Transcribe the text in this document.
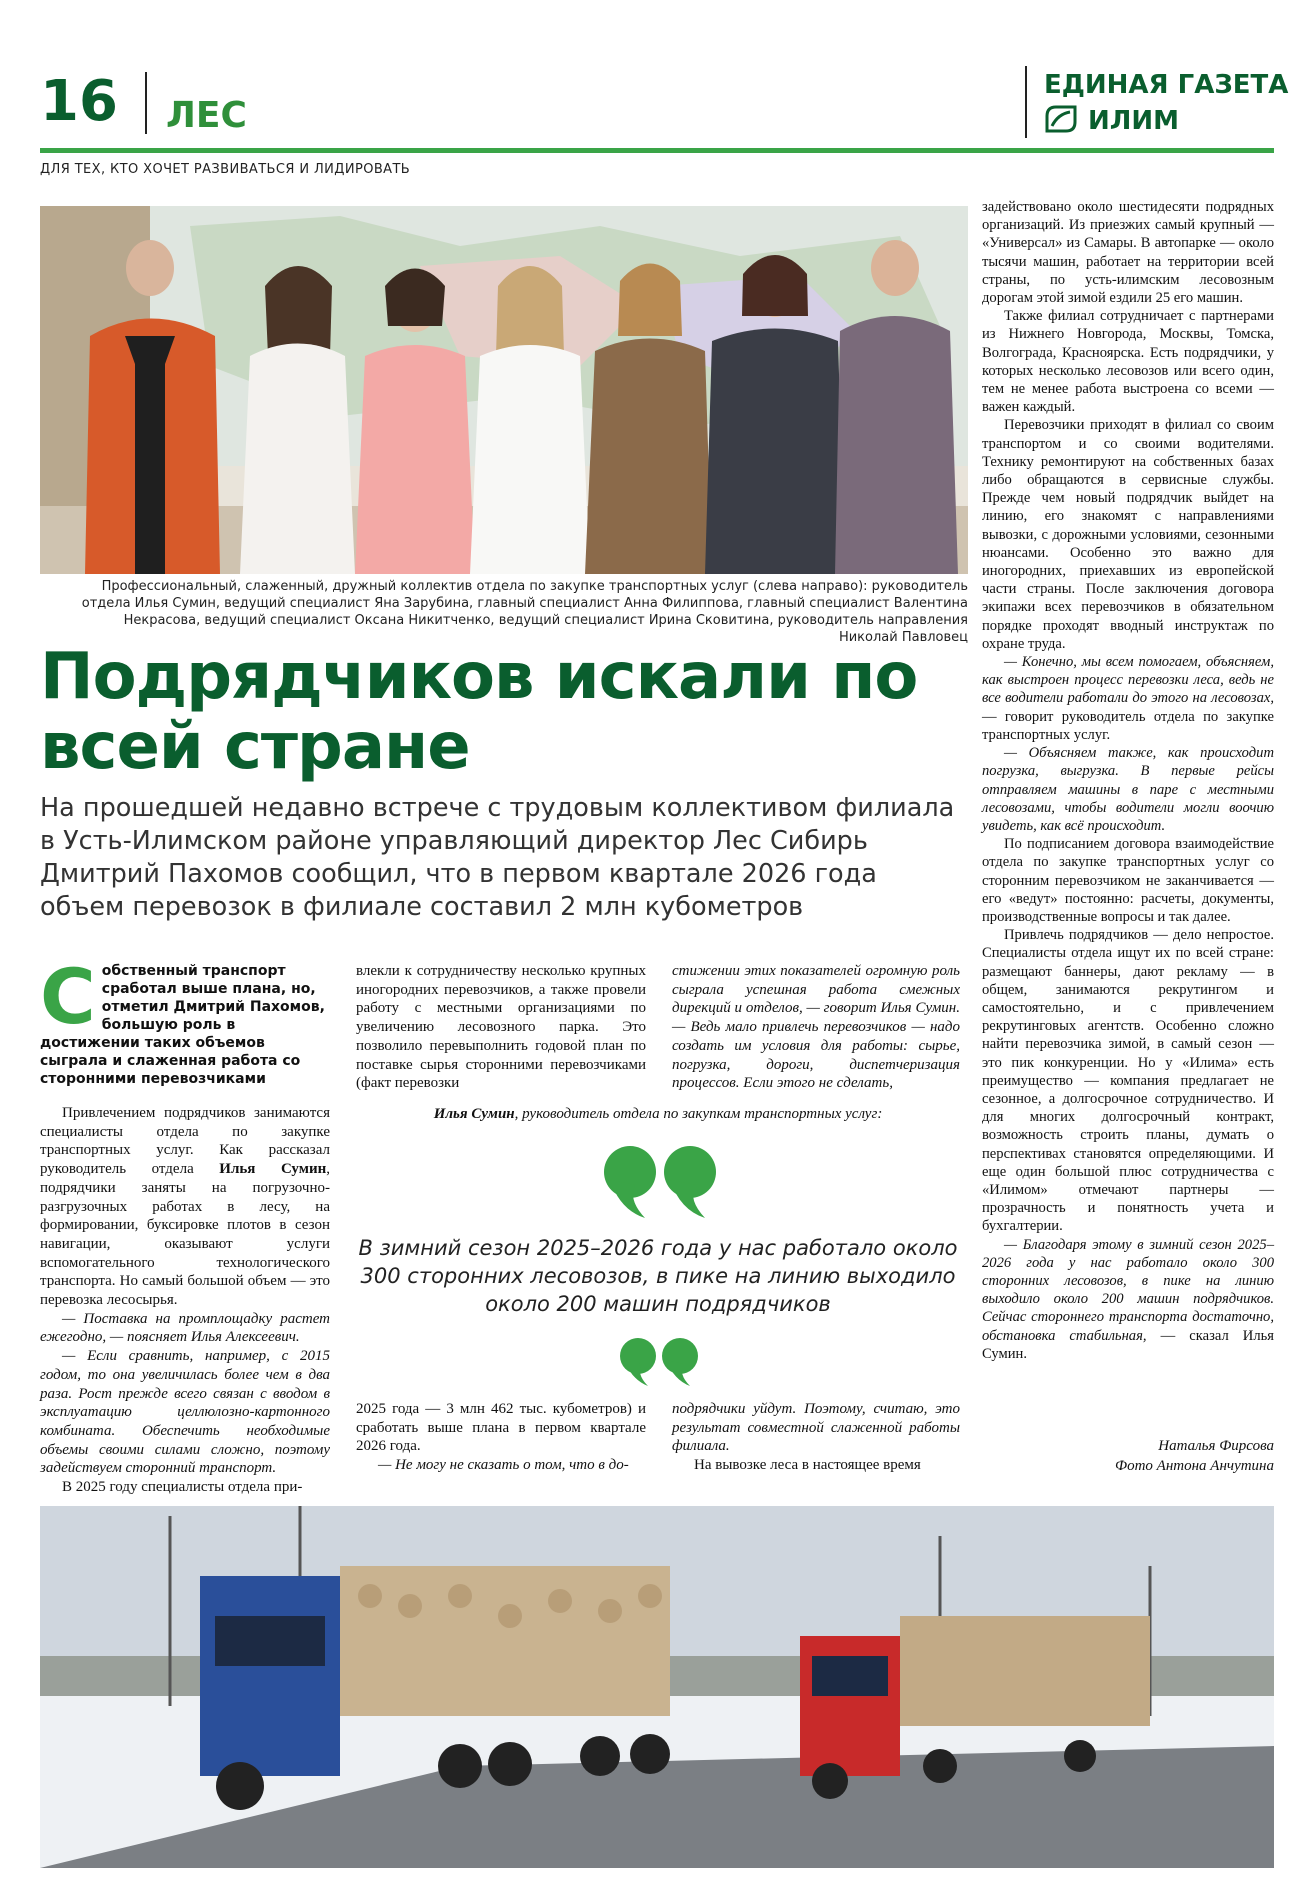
16 ЛЕС
ЕДИНАЯ ГАЗЕТА
ИЛИМ
ДЛЯ ТЕХ, КТО ХОЧЕТ РАЗВИВАТЬСЯ И ЛИДИРОВАТЬ
Профессиональный, слаженный, дружный коллектив отдела по закупке транспортных услуг (слева направо): руководитель отдела Илья Сумин, ведущий специалист Яна Зарубина, главный специалист Анна Филиппова, главный специалист Валентина Некрасова, ведущий специалист Оксана Никитченко, ведущий специалист Ирина Сковитина, руководитель направления Николай Павловец
Подрядчиков искали по всей стране
На прошедшей недавно встрече с трудовым коллективом филиала в Усть-Илимском районе управляющий директор Лес Сибирь Дмитрий Пахомов сообщил, что в первом квартале 2026 года объем перевозок в филиале составил 2 млн кубометров
Собственный транспорт сработал выше плана, но, отметил Дмитрий Пахомов, большую роль в достижении таких объемов сыграла и слаженная работа со сторонними перевозчиками

Привлечением подрядчиков занимаются специалисты отдела по закупке транспортных услуг. Как рассказал руководитель отдела Илья Сумин, подрядчики заняты на погрузочно-разгрузочных работах в лесу, на формировании, буксировке плотов в сезон навигации, оказывают услуги вспомогательного технологического транспорта. Но самый большой объем — это перевозка лесосырья.

— Поставка на промплощадку растет ежегодно, — поясняет Илья Алексеевич.

— Если сравнить, например, с 2015 годом, то она увеличилась более чем в два раза. Рост прежде всего связан с вводом в эксплуатацию целлюлозно-картонного комбината. Обеспечить необходимые объемы своими силами сложно, поэтому задействуем сторонний транспорт.

В 2025 году специалисты отдела при-

влекли к сотрудничеству несколько крупных иногородних перевозчиков, а также провели работу с местными организациями по увеличению лесовозного парка. Это позволило перевыполнить годовой план по поставке сырья сторонними перевозчиками (факт перевозки

стижении этих показателей огромную роль сыграла успешная работа смежных дирекций и отделов, — говорит Илья Сумин. — Ведь мало привлечь перевозчиков — надо создать им условия для работы: сырье, погрузка, дороги, диспетчеризация процессов. Если этого не сделать,

Илья Сумин, руководитель отдела по закупкам транспортных услуг:
В зимний сезон 2025–2026 года у нас работало около 300 сторонних лесовозов, в пике на линию выходило около 200 машин подрядчиков

2025 года — 3 млн 462 тыс. кубометров) и сработать выше плана в первом квартале 2026 года.

— Не могу не сказать о том, что в до-

подрядчики уйдут. Поэтому, считаю, это результат совместной слаженной работы филиала.

На вывозке леса в настоящее время

задействовано около шестидесяти подрядных организаций. Из приезжих самый крупный — «Универсал» из Самары. В автопарке — около тысячи машин, работает на территории всей страны, по усть-илимским лесовозным дорогам этой зимой ездили 25 его машин.

Также филиал сотрудничает с партнерами из Нижнего Новгорода, Москвы, Томска, Волгограда, Красноярска. Есть подрядчики, у которых несколько лесовозов или всего один, тем не менее работа выстроена со всеми — важен каждый.

Перевозчики приходят в филиал со своим транспортом и со своими водителями. Технику ремонтируют на собственных базах либо обращаются в сервисные службы. Прежде чем новый подрядчик выйдет на линию, его знакомят с направлениями вывозки, с дорожными условиями, сезонными нюансами. Особенно это важно для иногородних, приехавших из европейской части страны. После заключения договора экипажи всех перевозчиков в обязательном порядке проходят вводный инструктаж по охране труда.

— Конечно, мы всем помогаем, объясняем, как выстроен процесс перевозки леса, ведь не все водители работали до этого на лесовозах, — говорит руководитель отдела по закупке транспортных услуг.

— Объясняем также, как происходит погрузка, выгрузка. В первые рейсы отправляем машины в паре с местными лесовозами, чтобы водители могли воочию увидеть, как всё происходит.

По подписанием договора взаимодействие отдела по закупке транспортных услуг со сторонним перевозчиком не заканчивается — его «ведут» постоянно: расчеты, документы, производственные вопросы и так далее.

Привлечь подрядчиков — дело непростое. Специалисты отдела ищут их по всей стране: размещают баннеры, дают рекламу — в общем, занимаются рекрутингом и самостоятельно, и с привлечением рекрутинговых агентств. Особенно сложно найти перевозчика зимой, в самый сезон — это пик конкуренции. Но у «Илима» есть преимущество — компания предлагает не сезонное, а долгосрочное сотрудничество. И для многих долгосрочный контракт, возможность строить планы, думать о перспективах становятся определяющими. И еще один большой плюс сотрудничества с «Илимом» отмечают партнеры — прозрачность и понятность учета и бухгалтерии.

— Благодаря этому в зимний сезон 2025–2026 года у нас работало около 300 сторонних лесовозов, в пике на линию выходило около 200 машин подрядчиков. Сейчас стороннего транспорта достаточно, обстановка стабильная, — сказал Илья Сумин.

Наталья Фирсова
Фото Антона Анчутина
